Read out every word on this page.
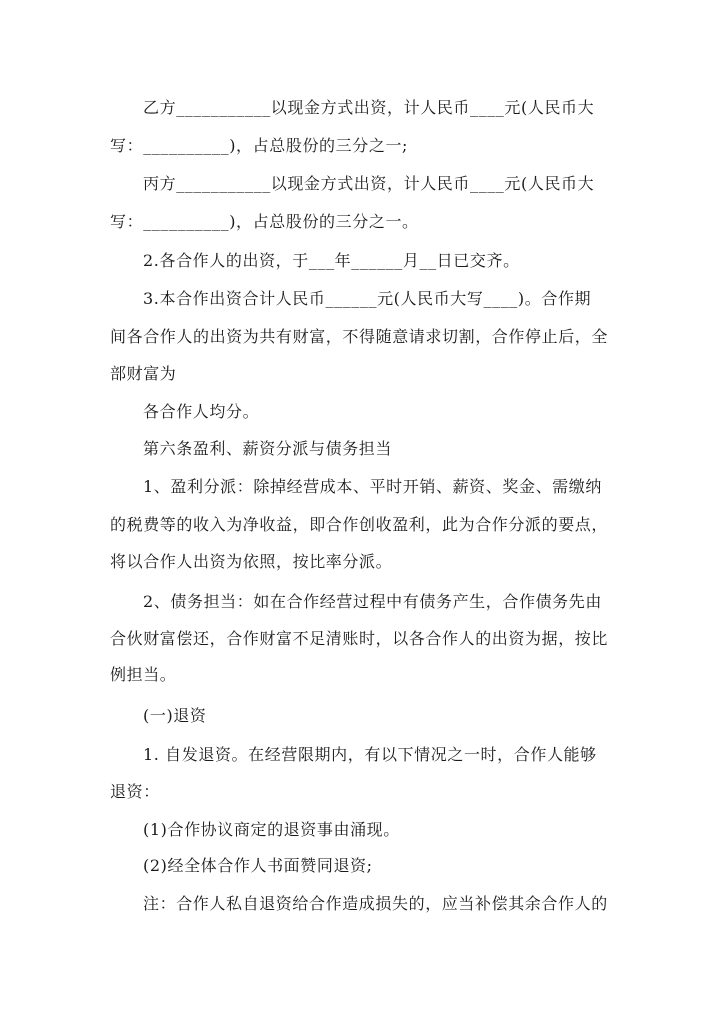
乙方___________以现金方式出资，计人民币____元(人民币大
写：__________)，占总股份的三分之一;
丙方___________以现金方式出资，计人民币____元(人民币大
写：__________)，占总股份的三分之一。
2.各合作人的出资，于___年______月__日已交齐。
3.本合作出资合计人民币______元(人民币大写____)。合作期
间各合作人的出资为共有财富，不得随意请求切割，合作停止后，全
部财富为
各合作人均分。
第六条盈利、薪资分派与债务担当
1、盈利分派：除掉经营成本、平时开销、薪资、奖金、需缴纳
的税费等的收入为净收益，即合作创收盈利，此为合作分派的要点，
将以合作人出资为依照，按比率分派。
2、债务担当：如在合作经营过程中有债务产生，合作债务先由
合伙财富偿还，合作财富不足清账时，以各合作人的出资为据，按比
例担当。
(一)退资
1. 自发退资。在经营限期内，有以下情况之一时，合作人能够
退资：
(1)合作协议商定的退资事由涌现。
(2)经全体合作人书面赞同退资;
注：合作人私自退资给合作造成损失的，应当补偿其余合作人的
